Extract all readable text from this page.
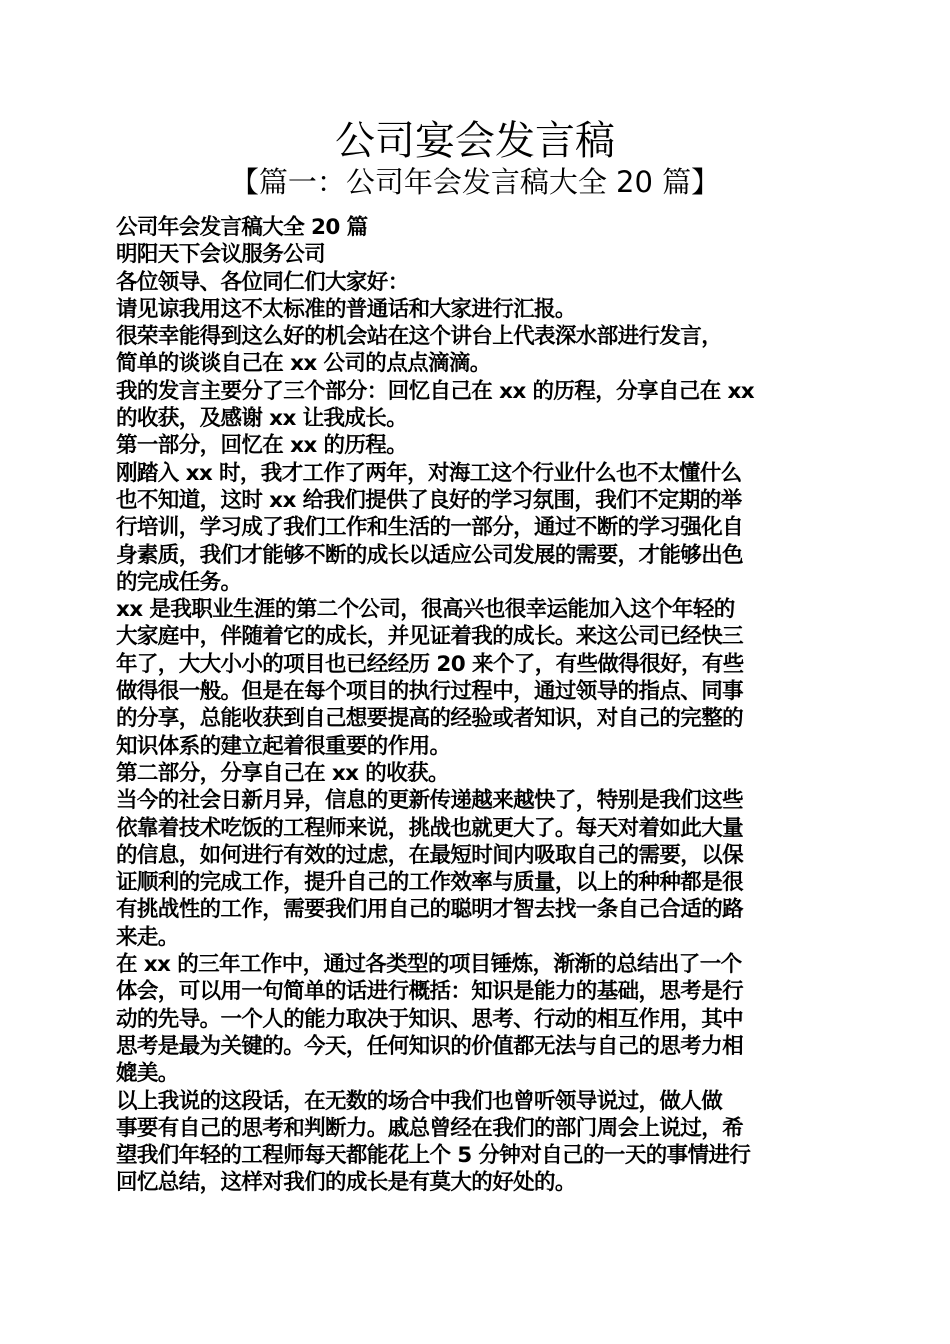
公司宴会发言稿
【篇一：公司年会发言稿大全 20 篇】
公司年会发言稿大全 20 篇
明阳天下会议服务公司
各位领导、各位同仁们大家好：
请见谅我用这不太标准的普通话和大家进行汇报。
很荣幸能得到这么好的机会站在这个讲台上代表深水部进行发言，
简单的谈谈自己在 xx 公司的点点滴滴。
我的发言主要分了三个部分：回忆自己在 xx 的历程，分享自己在 xx
的收获，及感谢 xx 让我成长。
第一部分，回忆在 xx 的历程。
刚踏入 xx 时，我才工作了两年，对海工这个行业什么也不太懂什么
也不知道，这时 xx 给我们提供了良好的学习氛围，我们不定期的举
行培训，学习成了我们工作和生活的一部分，通过不断的学习强化自
身素质，我们才能够不断的成长以适应公司发展的需要，才能够出色
的完成任务。
xx 是我职业生涯的第二个公司，很高兴也很幸运能加入这个年轻的
大家庭中，伴随着它的成长，并见证着我的成长。来这公司已经快三
年了，大大小小的项目也已经经历 20 来个了，有些做得很好，有些
做得很一般。但是在每个项目的执行过程中，通过领导的指点、同事
的分享，总能收获到自己想要提高的经验或者知识，对自己的完整的
知识体系的建立起着很重要的作用。
第二部分，分享自己在 xx 的收获。
当今的社会日新月异，信息的更新传递越来越快了，特别是我们这些
依靠着技术吃饭的工程师来说，挑战也就更大了。每天对着如此大量
的信息，如何进行有效的过虑，在最短时间内吸取自己的需要，以保
证顺利的完成工作，提升自己的工作效率与质量，以上的种种都是很
有挑战性的工作，需要我们用自己的聪明才智去找一条自己合适的路
来走。
在 xx 的三年工作中，通过各类型的项目锤炼，渐渐的总结出了一个
体会，可以用一句简单的话进行概括：知识是能力的基础，思考是行
动的先导。一个人的能力取决于知识、思考、行动的相互作用，其中
思考是最为关键的。今天，任何知识的价值都无法与自己的思考力相
媲美。
以上我说的这段话，在无数的场合中我们也曾听领导说过，做人做
事要有自己的思考和判断力。戚总曾经在我们的部门周会上说过，希
望我们年轻的工程师每天都能花上个 5 分钟对自己的一天的事情进行
回忆总结，这样对我们的成长是有莫大的好处的。
